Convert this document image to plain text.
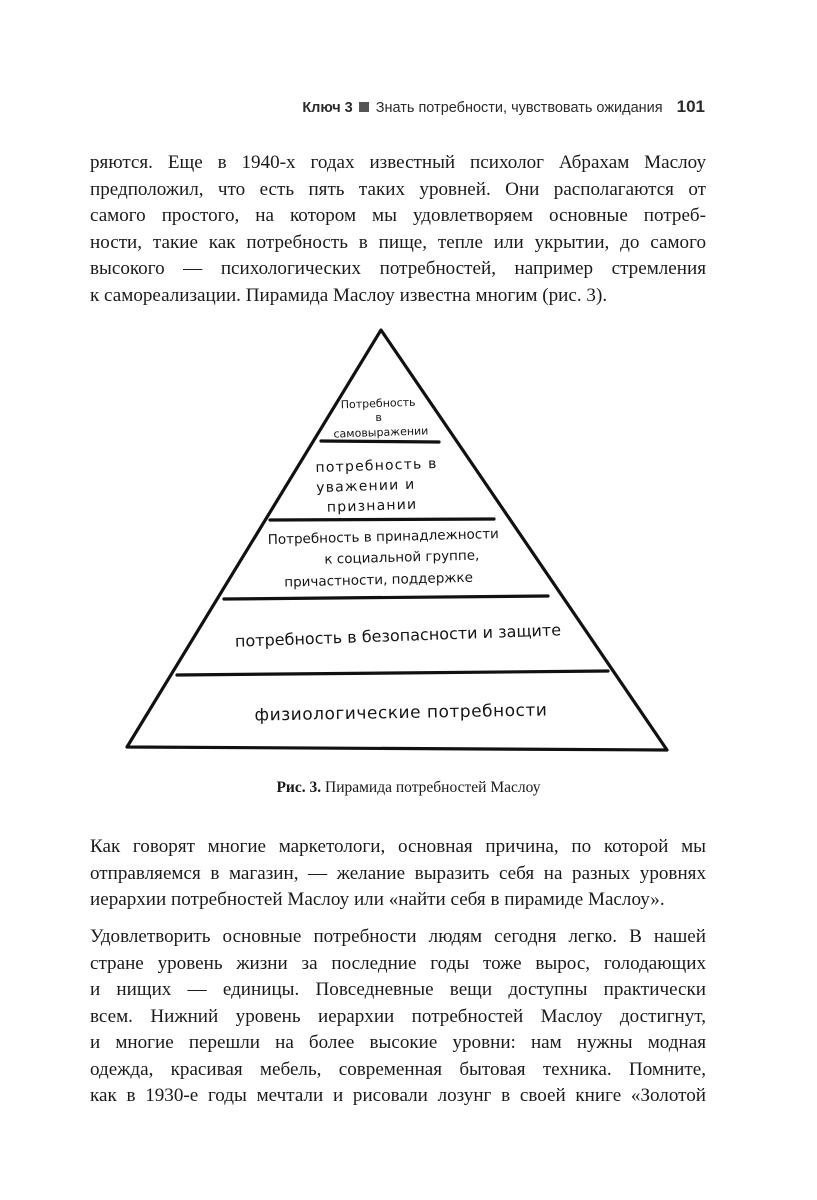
Ключ 3 Знать потребности, чувствовать ожидания 101

ряются. Еще в 1940-х годах известный психолог Абрахам Маслоу
предположил, что есть пять таких уровней. Они располагаются от
самого простого, на котором мы удовлетворяем основные потреб-
ности, такие как потребность в пище, тепле или укрытии, до самого
высокого — психологических потребностей, например стремления
к самореализации. Пирамида Маслоу известна многим (рис. 3).

Потребность в самовыражении
потребность в уважении и признании
Потребность в принадлежности к социальной группе, причастности, поддержке
потребность в безопасности и защите
физиологические потребности
Рис. 3. Пирамида потребностей Маслоу

Как говорят многие маркетологи, основная причина, по которой мы
отправляемся в магазин, — желание выразить себя на разных уровнях
иерархии потребностей Маслоу или «найти себя в пирамиде Маслоу».

Удовлетворить основные потребности людям сегодня легко. В нашей
стране уровень жизни за последние годы тоже вырос, голодающих
и нищих — единицы. Повседневные вещи доступны практически
всем. Нижний уровень иерархии потребностей Маслоу достигнут,
и многие перешли на более высокие уровни: нам нужны модная
одежда, красивая мебель, современная бытовая техника. Помните,
как в 1930-е годы мечтали и рисовали лозунг в своей книге «Золотой
